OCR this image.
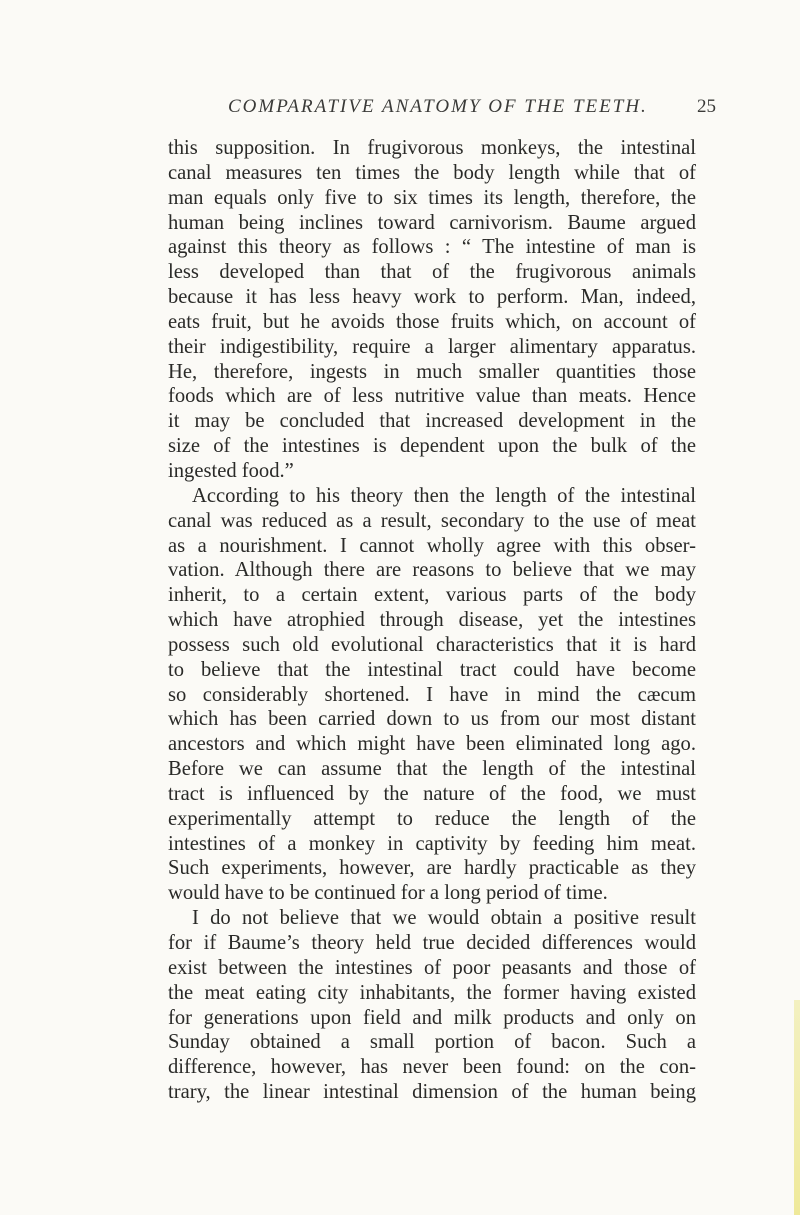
COMPARATIVE ANATOMY OF THE TEETH.	25

this supposition. In frugivorous monkeys, the intestinal
canal measures ten times the body length while that of
man equals only five to six times its length, therefore, the
human being inclines toward carnivorism. Baume argued
against this theory as follows : “ The intestine of man is
less developed than that of the frugivorous animals
because it has less heavy work to perform. Man, indeed,
eats fruit, but he avoids those fruits which, on account of
their indigestibility, require a larger alimentary apparatus.
He, therefore, ingests in much smaller quantities those
foods which are of less nutritive value than meats. Hence
it may be concluded that increased development in the
size of the intestines is dependent upon the bulk of the
ingested food.”

According to his theory then the length of the intestinal
canal was reduced as a result, secondary to the use of meat
as a nourishment. I cannot wholly agree with this obser-
vation. Although there are reasons to believe that we may
inherit, to a certain extent, various parts of the body
which have atrophied through disease, yet the intestines
possess such old evolutional characteristics that it is hard
to believe that the intestinal tract could have become
so considerably shortened. I have in mind the cæcum
which has been carried down to us from our most distant
ancestors and which might have been eliminated long ago.
Before we can assume that the length of the intestinal
tract is influenced by the nature of the food, we must
experimentally attempt to reduce the length of the
intestines of a monkey in captivity by feeding him meat.
Such experiments, however, are hardly practicable as they
would have to be continued for a long period of time.

I do not believe that we would obtain a positive result
for if Baume’s theory held true decided differences would
exist between the intestines of poor peasants and those of
the meat eating city inhabitants, the former having existed
for generations upon field and milk products and only on
Sunday obtained a small portion of bacon. Such a
difference, however, has never been found: on the con-
trary, the linear intestinal dimension of the human being
